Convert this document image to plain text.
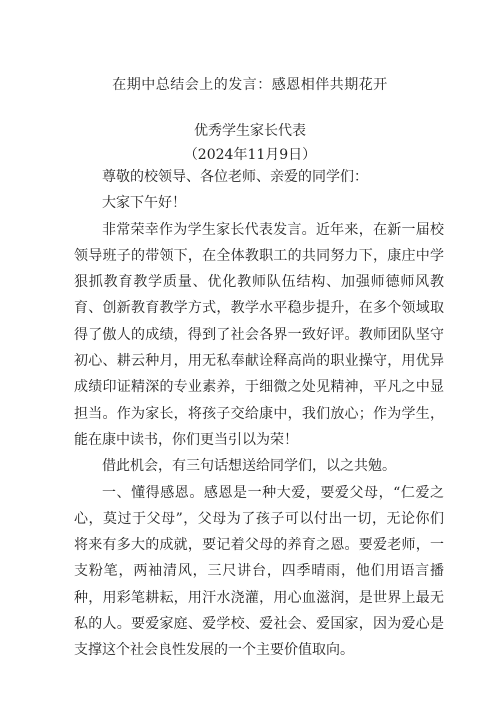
在期中总结会上的发言：感恩相伴共期花开
优秀学生家长代表
（2024年11月9日）

尊敬的校领导、各位老师、亲爱的同学们：

大家下午好！

非常荣幸作为学生家长代表发言。近年来，在新一届校领导班子的带领下，在全体教职工的共同努力下，康庄中学狠抓教育教学质量、优化教师队伍结构、加强师德师风教育、创新教育教学方式，教学水平稳步提升，在多个领域取得了傲人的成绩，得到了社会各界一致好评。教师团队坚守初心、耕云种月，用无私奉献诠释高尚的职业操守，用优异成绩印证精深的专业素养，于细微之处见精神，平凡之中显担当。作为家长，将孩子交给康中，我们放心；作为学生，能在康中读书，你们更当引以为荣！

借此机会，有三句话想送给同学们，以之共勉。

一、懂得感恩。感恩是一种大爱，要爱父母，“仁爱之心，莫过于父母”，父母为了孩子可以付出一切，无论你们将来有多大的成就，要记着父母的养育之恩。要爱老师，一支粉笔，两袖清风，三尺讲台，四季晴雨，他们用语言播种，用彩笔耕耘，用汗水浇灌，用心血滋润，是世界上最无私的人。要爱家庭、爱学校、爱社会、爱国家，因为爱心是支撑这个社会良性发展的一个主要价值取向。
